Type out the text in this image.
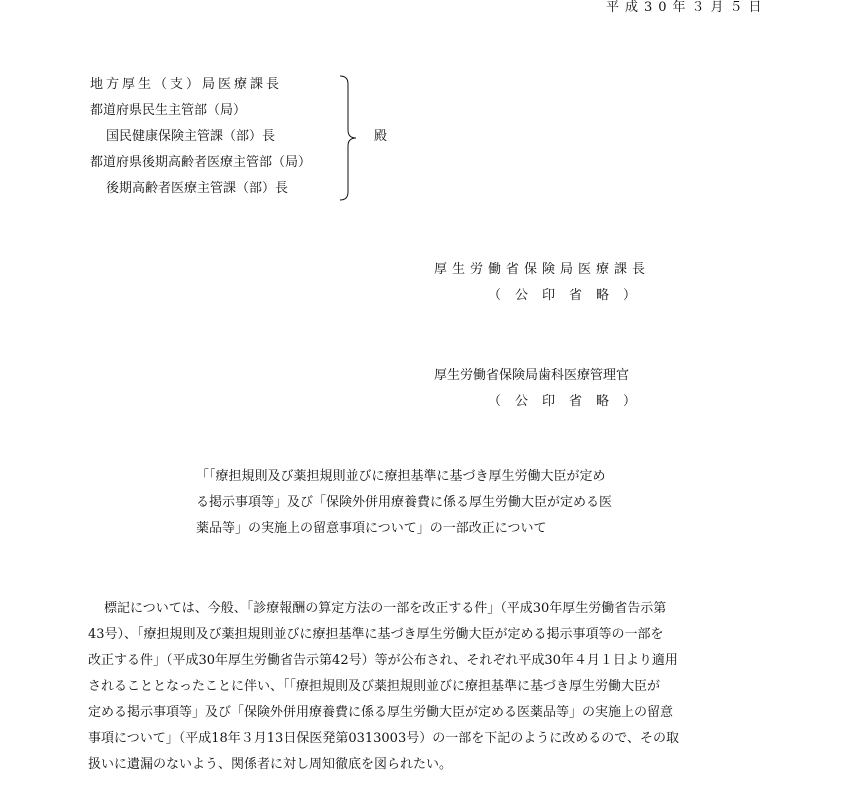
平成30年３月５日
地方厚生（支）局医療課長
都道府県民生主管部（局）
国民健康保険主管課（部）長
都道府県後期高齢者医療主管部（局）
後期高齢者医療主管課（部）長
殿
厚生労働省保険局医療課長
（公印省略）
厚生労働省保険局歯科医療管理官
（公印省略）
「「療担規則及び薬担規則並びに療担基準に基づき厚生労働大臣が定め
る掲示事項等」及び「保険外併用療養費に係る厚生労働大臣が定める医
薬品等」の実施上の留意事項について」の一部改正について
標記については、今般、「診療報酬の算定方法の一部を改正する件」（平成30年厚生労働省告示第
43号）、「療担規則及び薬担規則並びに療担基準に基づき厚生労働大臣が定める掲示事項等の一部を
改正する件」（平成30年厚生労働省告示第42号）等が公布され、それぞれ平成30年４月１日より適用
されることとなったことに伴い、「「療担規則及び薬担規則並びに療担基準に基づき厚生労働大臣が
定める掲示事項等」及び「保険外併用療養費に係る厚生労働大臣が定める医薬品等」の実施上の留意
事項について」（平成18年３月13日保医発第0313003号）の一部を下記のように改めるので、その取
扱いに遺漏のないよう、関係者に対し周知徹底を図られたい。
